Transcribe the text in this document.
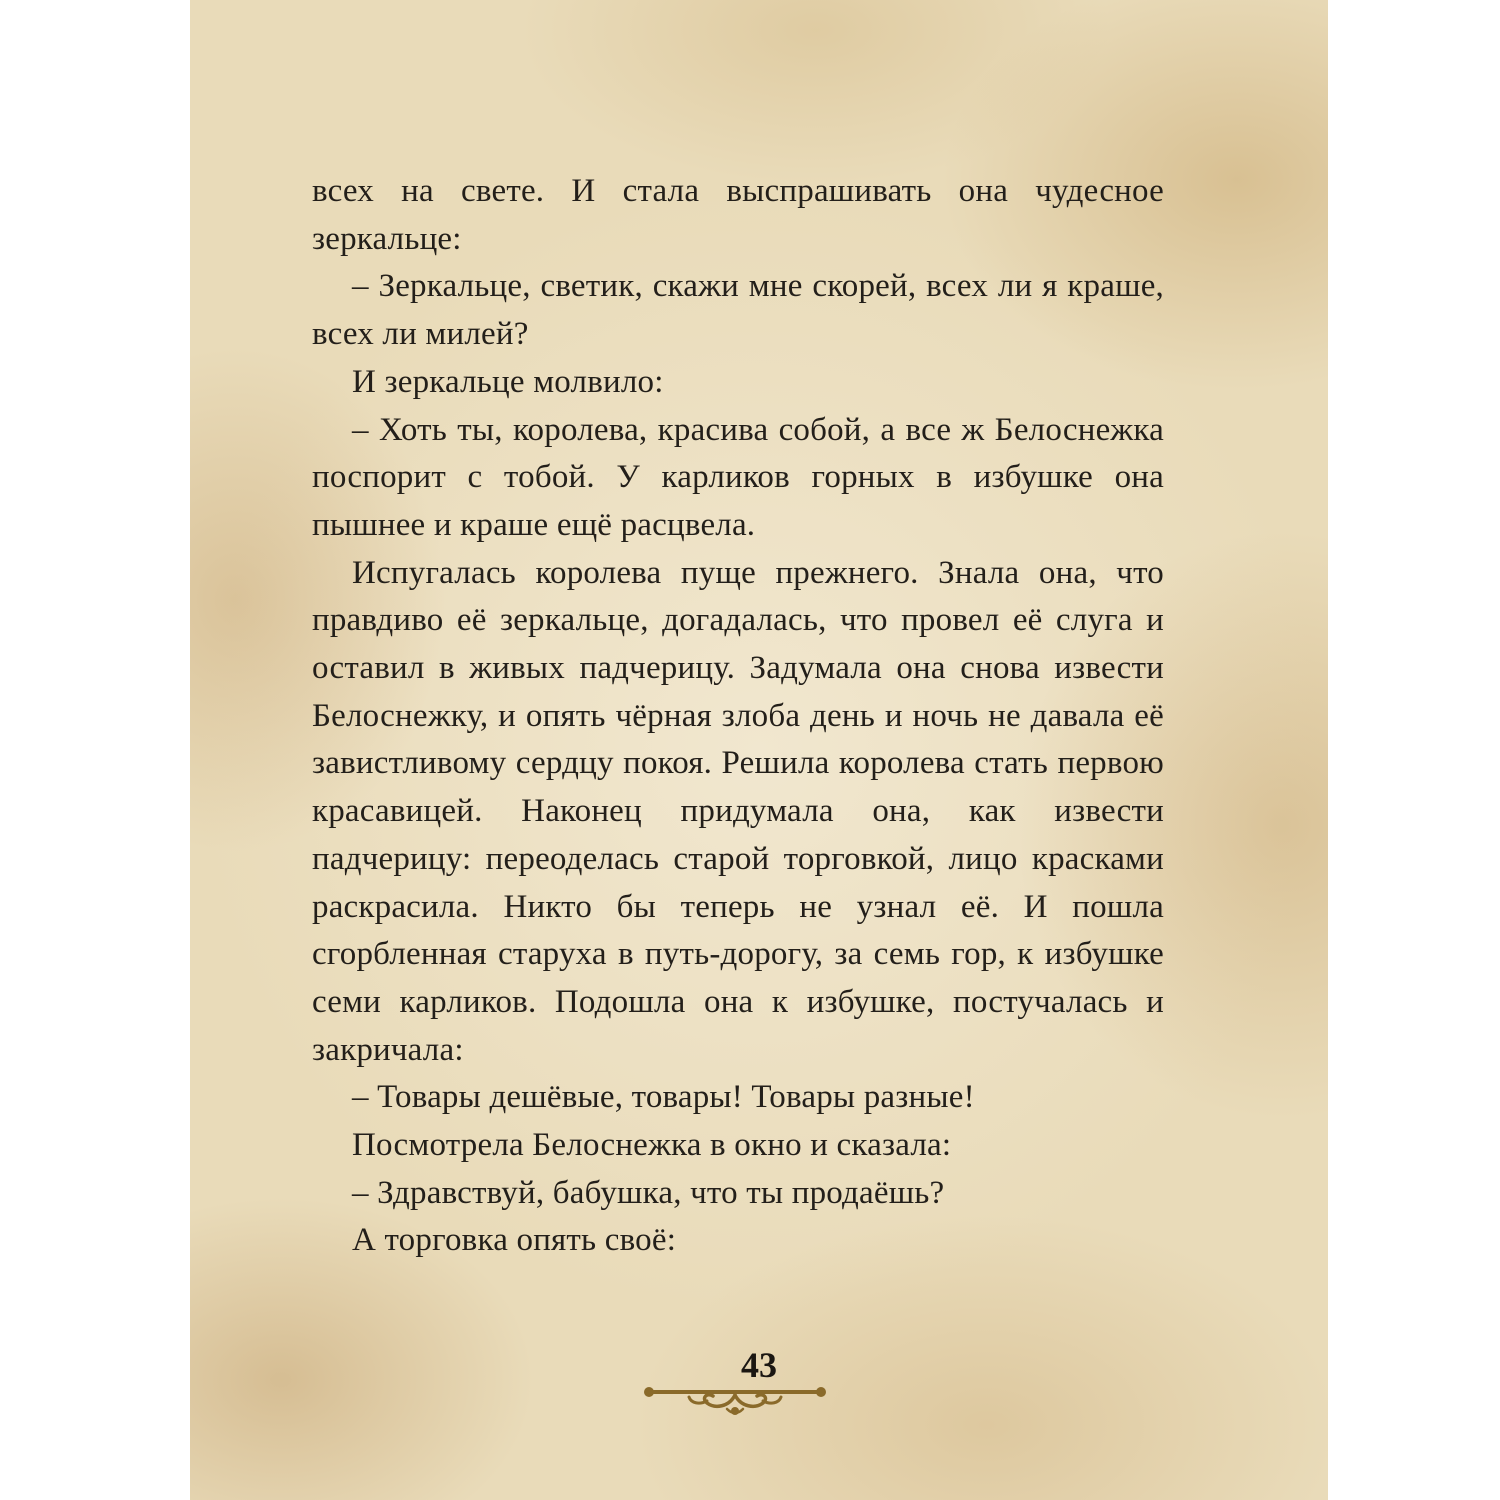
всех на свете. И стала выспрашивать она чудесное зеркальце:

– Зеркальце, светик, скажи мне скорей, всех ли я краше, всех ли милей?

И зеркальце молвило:

– Хоть ты, королева, красива собой, а все ж Белоснежка поспорит с тобой. У карликов горных в избушке она пышнее и краше ещё расцвела.

Испугалась королева пуще прежнего. Знала она, что правдиво её зеркальце, догадалась, что провел её слуга и оставил в живых падчерицу. Задумала она снова извести Белоснежку, и опять чёрная злоба день и ночь не давала её завистливому сердцу покоя. Решила королева стать первою красавицей. Наконец придумала она, как извести падчерицу: переоделась старой торговкой, лицо красками раскрасила. Никто бы теперь не узнал её. И пошла сгорбленная старуха в путь-дорогу, за семь гор, к избушке семи карликов. Подошла она к избушке, постучалась и закричала:

– Товары дешёвые, товары! Товары разные!

Посмотрела Белоснежка в окно и сказала:

– Здравствуй, бабушка, что ты продаёшь?

А торговка опять своё:

43
